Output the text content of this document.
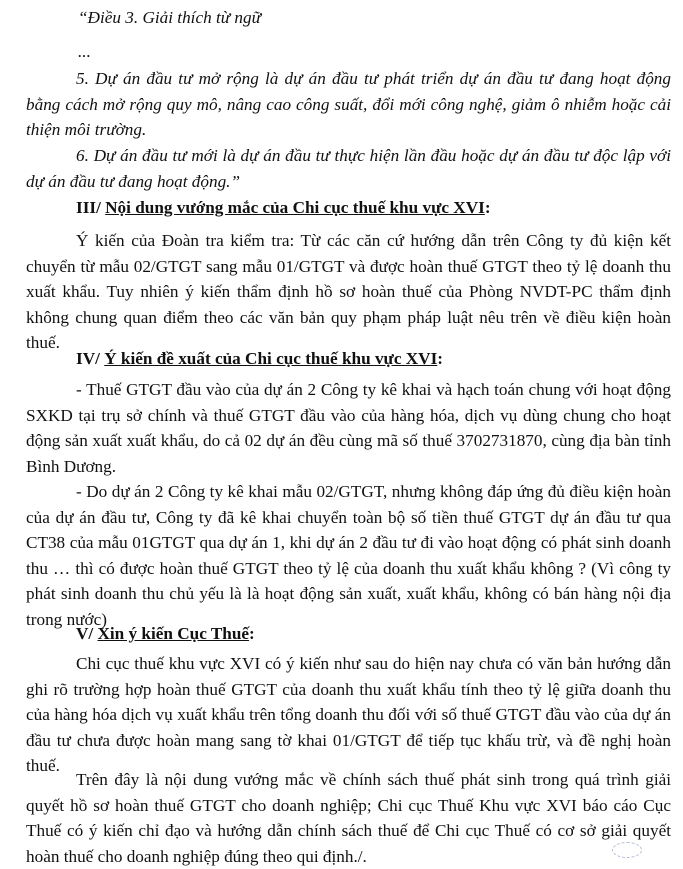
“Điều 3. Giải thích từ ngữ
...

5. Dự án đầu tư mở rộng là dự án đầu tư phát triển dự án đầu tư đang hoạt động bằng cách mở rộng quy mô, nâng cao công suất, đổi mới công nghệ, giảm ô nhiễm hoặc cải thiện môi trường.

6. Dự án đầu tư mới là dự án đầu tư thực hiện lần đầu hoặc dự án đầu tư độc lập với dự án đầu tư đang hoạt động.”

III/ Nội dung vướng mắc của Chi cục thuế khu vực XVI:

Ý kiến của Đoàn tra kiểm tra: Từ các căn cứ hướng dẫn trên Công ty đủ kiện kết chuyển từ mẫu 02/GTGT sang mẫu 01/GTGT và được hoàn thuế GTGT theo tỷ lệ doanh thu xuất khẩu. Tuy nhiên ý kiến thẩm định hồ sơ hoàn thuế của Phòng NVDT-PC thẩm định không chung quan điểm theo các văn bản quy phạm pháp luật nêu trên về điều kiện hoàn thuế.

IV/ Ý kiến đề xuất của Chi cục thuế khu vực XVI:

- Thuế GTGT đầu vào của dự án 2 Công ty kê khai và hạch toán chung với hoạt động SXKD tại trụ sở chính và thuế GTGT đầu vào của hàng hóa, dịch vụ dùng chung cho hoạt động sản xuất xuất khẩu, do cả 02 dự án đều cùng mã số thuế 3702731870, cùng địa bàn tỉnh Bình Dương.

- Do dự án 2 Công ty kê khai mẫu 02/GTGT, nhưng không đáp ứng đủ điều kiện hoàn của dự án đầu tư, Công ty đã kê khai chuyển toàn bộ số tiền thuế GTGT dự án đầu tư qua CT38 của mẫu 01GTGT qua dự án 1, khi dự án 2 đầu tư đi vào hoạt động có phát sinh doanh thu … thì có được hoàn thuế GTGT theo tỷ lệ của doanh thu xuất khẩu không ? (Vì công ty phát sinh doanh thu chủ yếu là là hoạt động sản xuất, xuất khẩu, không có bán hàng nội địa trong nước)

V/ Xin ý kiến Cục Thuế:

Chi cục thuế khu vực XVI có ý kiến như sau do hiện nay chưa có văn bản hướng dẫn ghi rõ trường hợp hoàn thuế GTGT của doanh thu xuất khẩu tính theo tỷ lệ giữa doanh thu của hàng hóa dịch vụ xuất khẩu trên tổng doanh thu đối với số thuế GTGT đầu vào của dự án đầu tư chưa được hoàn mang sang tờ khai 01/GTGT để tiếp tục khấu trừ, và đề nghị hoàn thuế.

Trên đây là nội dung vướng mắc về chính sách thuế phát sinh trong quá trình giải quyết hồ sơ hoàn thuế GTGT cho doanh nghiệp; Chi cục Thuế Khu vực XVI báo cáo Cục Thuế có ý kiến chỉ đạo và hướng dẫn chính sách thuế để Chi cục Thuế có cơ sở giải quyết hoàn thuế cho doanh nghiệp đúng theo qui định./.
